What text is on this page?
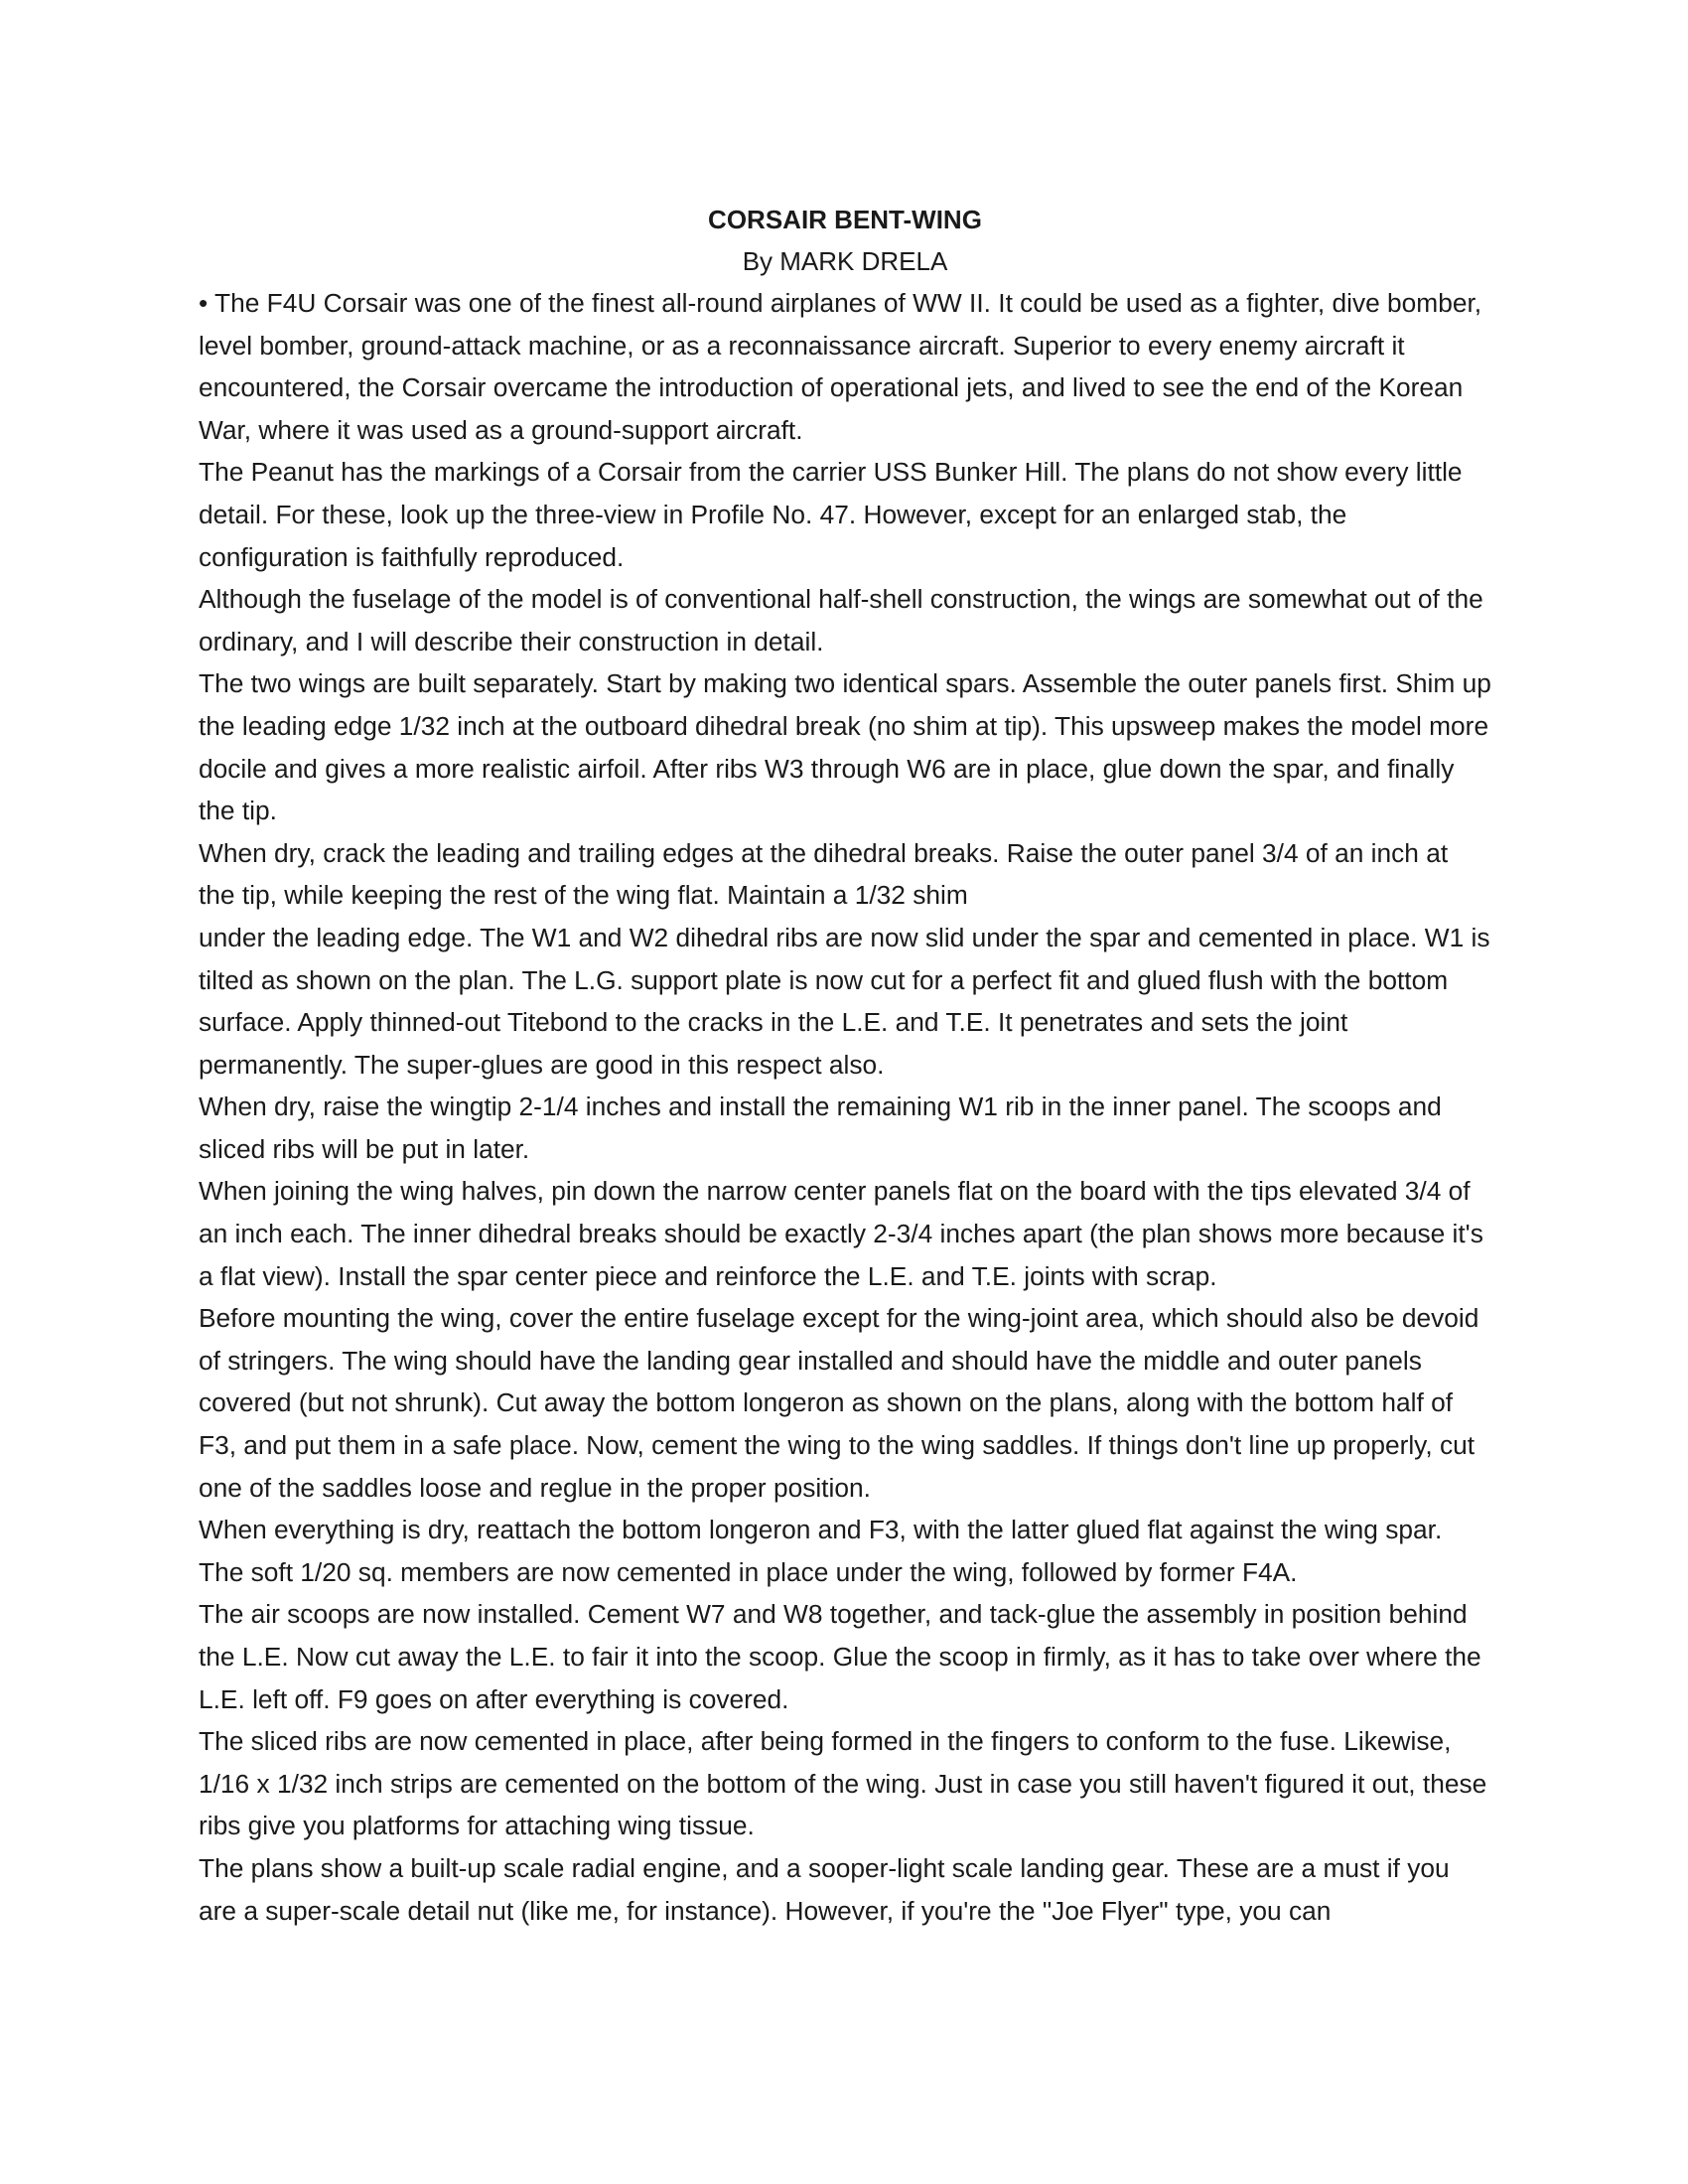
CORSAIR BENT-WING
By MARK DRELA

• The F4U Corsair was one of the finest all-round airplanes of WW II. It could be used as a fighter, dive bomber, level bomber, ground-attack machine, or as a reconnaissance aircraft. Superior to every enemy aircraft it encountered, the Corsair overcame the introduction of operational jets, and lived to see the end of the Korean War, where it was used as a ground-support aircraft.

The Peanut has the markings of a Corsair from the carrier USS Bunker Hill. The plans do not show every little detail. For these, look up the three-view in Profile No. 47. However, except for an enlarged stab, the configuration is faithfully reproduced.

Although the fuselage of the model is of conventional half-shell construction, the wings are somewhat out of the ordinary, and I will describe their construction in detail.

The two wings are built separately. Start by making two identical spars. Assemble the outer panels first. Shim up the leading edge 1/32 inch at the outboard dihedral break (no shim at tip). This upsweep makes the model more docile and gives a more realistic airfoil. After ribs W3 through W6 are in place, glue down the spar, and finally the tip.

When dry, crack the leading and trailing edges at the dihedral breaks. Raise the outer panel 3/4 of an inch at the tip, while keeping the rest of the wing flat. Maintain a 1/32 shim

under the leading edge. The W1 and W2 dihedral ribs are now slid under the spar and cemented in place. W1 is tilted as shown on the plan. The L.G. support plate is now cut for a perfect fit and glued flush with the bottom surface. Apply thinned-out Titebond to the cracks in the L.E. and T.E. It penetrates and sets the joint permanently. The super-glues are good in this respect also.

When dry, raise the wingtip 2-1/4 inches and install the remaining W1 rib in the inner panel. The scoops and sliced ribs will be put in later.

When joining the wing halves, pin down the narrow center panels flat on the board with the tips elevated 3/4 of an inch each. The inner dihedral breaks should be exactly 2-3/4 inches apart (the plan shows more because it's a flat view). Install the spar center piece and reinforce the L.E. and T.E. joints with scrap.

Before mounting the wing, cover the entire fuselage except for the wing-joint area, which should also be devoid of stringers. The wing should have the landing gear installed and should have the middle and outer panels covered (but not shrunk). Cut away the bottom longeron as shown on the plans, along with the bottom half of F3, and put them in a safe place. Now, cement the wing to the wing saddles. If things don't line up properly, cut one of the saddles loose and reglue in the proper position.

When everything is dry, reattach the bottom longeron and F3, with the latter glued flat against the wing spar. The soft 1/20 sq. members are now cemented in place under the wing, followed by former F4A.

The air scoops are now installed. Cement W7 and W8 together, and tack-glue the assembly in position behind the L.E. Now cut away the L.E. to fair it into the scoop. Glue the scoop in firmly, as it has to take over where the L.E. left off. F9 goes on after everything is covered.

The sliced ribs are now cemented in place, after being formed in the fingers to conform to the fuse. Likewise, 1/16 x 1/32 inch strips are cemented on the bottom of the wing. Just in case you still haven't figured it out, these ribs give you platforms for attaching wing tissue.

The plans show a built-up scale radial engine, and a sooper-light scale landing gear. These are a must if you are a super-scale detail nut (like me, for instance). However, if you're the "Joe Flyer" type, you can
